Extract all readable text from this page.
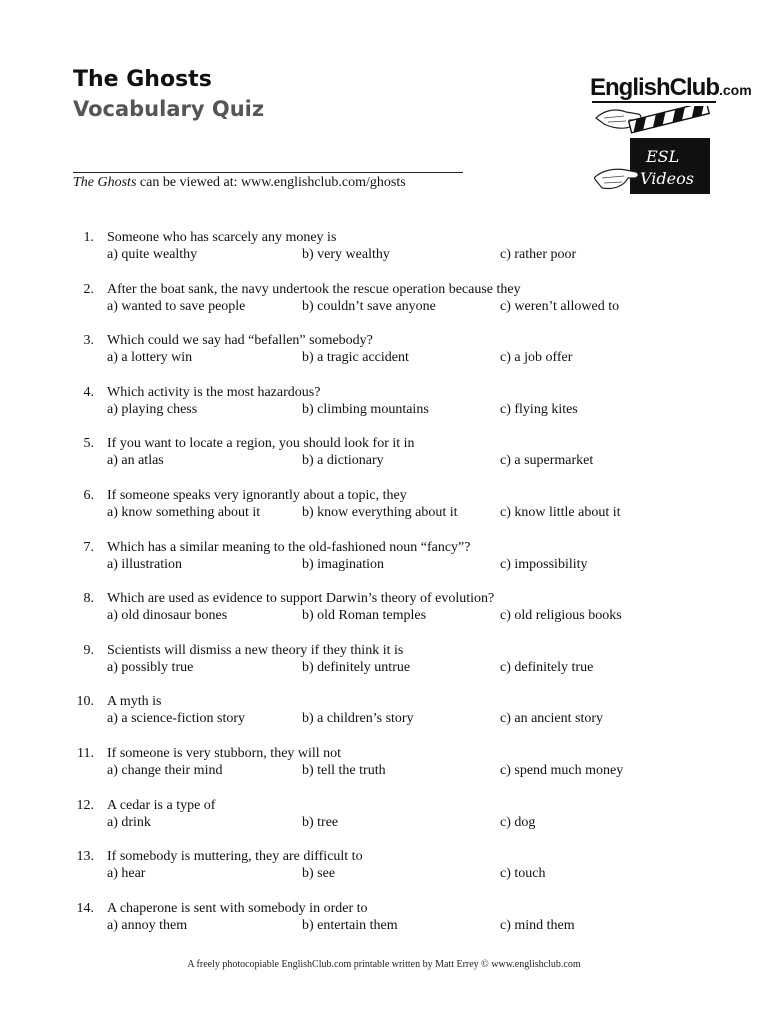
The Ghosts
Vocabulary Quiz
The Ghosts can be viewed at: www.englishclub.com/ghosts
EnglishClub.com
ESL
Videos
1. Someone who has scarcely any money is
a) quite wealthy	b) very wealthy	c) rather poor
2. After the boat sank, the navy undertook the rescue operation because they
a) wanted to save people	b) couldn’t save anyone	c) weren’t allowed to
3. Which could we say had “befallen” somebody?
a) a lottery win	b) a tragic accident	c) a job offer
4. Which activity is the most hazardous?
a) playing chess	b) climbing mountains	c) flying kites
5. If you want to locate a region, you should look for it in
a) an atlas	b) a dictionary	c) a supermarket
6. If someone speaks very ignorantly about a topic, they
a) know something about it	b) know everything about it	c) know little about it
7. Which has a similar meaning to the old-fashioned noun “fancy”?
a) illustration	b) imagination	c) impossibility
8. Which are used as evidence to support Darwin’s theory of evolution?
a) old dinosaur bones	b) old Roman temples	c) old religious books
9. Scientists will dismiss a new theory if they think it is
a) possibly true	b) definitely untrue	c) definitely true
10. A myth is
a) a science-fiction story	b) a children’s story	c) an ancient story
11. If someone is very stubborn, they will not
a) change their mind	b) tell the truth	c) spend much money
12. A cedar is a type of
a) drink	b) tree	c) dog
13. If somebody is muttering, they are difficult to
a) hear	b) see	c) touch
14. A chaperone is sent with somebody in order to
a) annoy them	b) entertain them	c) mind them
A freely photocopiable EnglishClub.com printable written by Matt Errey © www.englishclub.com
